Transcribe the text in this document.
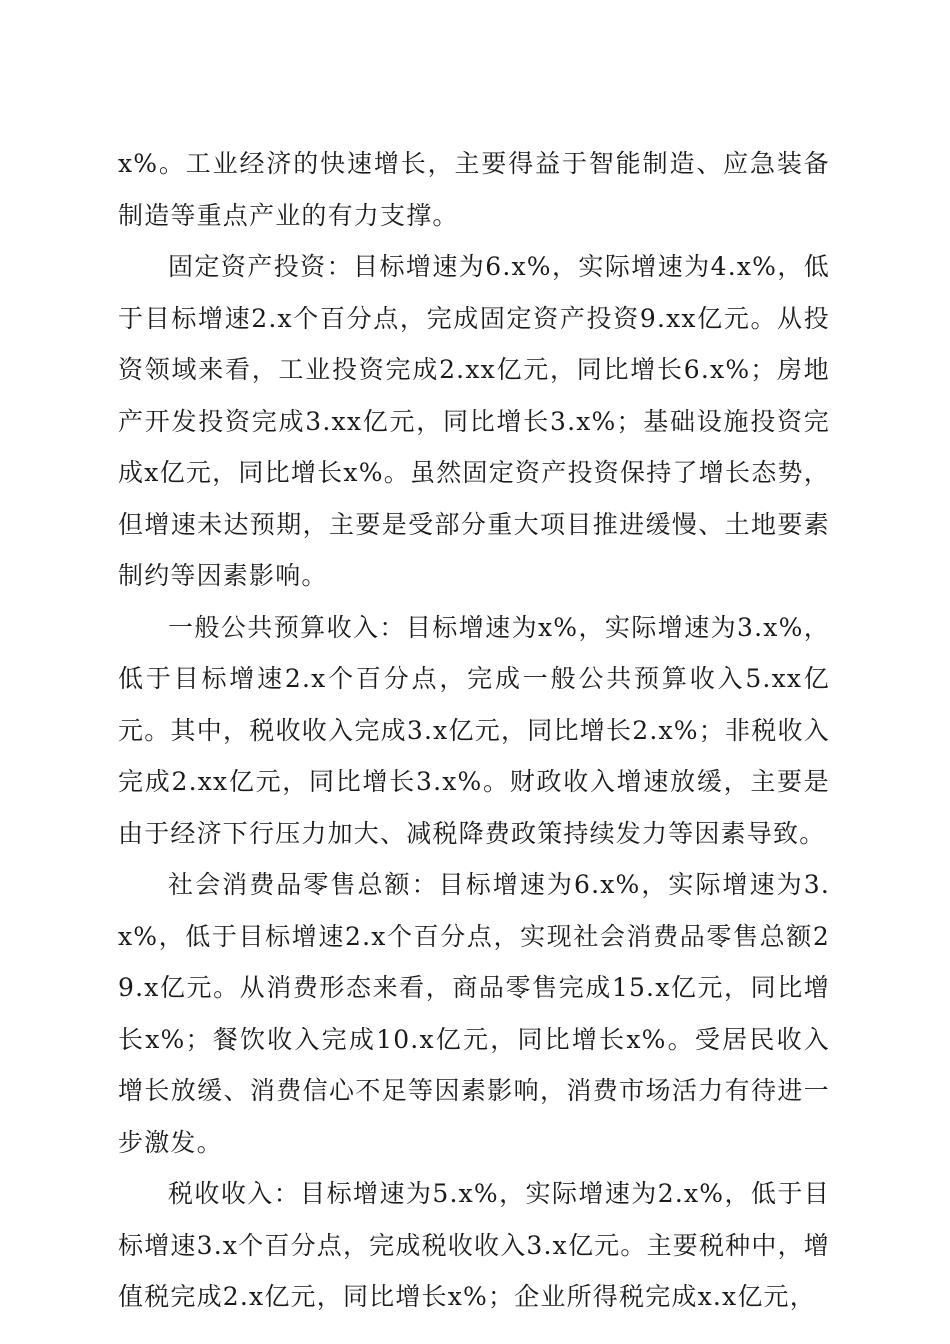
x%。工业经济的快速增长，主要得益于智能制造、应急装备制造等重点产业的有力支撑。

固定资产投资：目标增速为6.x%，实际增速为4.x%，低于目标增速2.x个百分点，完成固定资产投资9.xx亿元。从投资领域来看，工业投资完成2.xx亿元，同比增长6.x%；房地产开发投资完成3.xx亿元，同比增长3.x%；基础设施投资完成x亿元，同比增长x%。虽然固定资产投资保持了增长态势，但增速未达预期，主要是受部分重大项目推进缓慢、土地要素制约等因素影响。

一般公共预算收入：目标增速为x%，实际增速为3.x%，低于目标增速2.x个百分点，完成一般公共预算收入5.xx亿元。其中，税收收入完成3.x亿元，同比增长2.x%；非税收入完成2.xx亿元，同比增长3.x%。财政收入增速放缓，主要是由于经济下行压力加大、减税降费政策持续发力等因素导致。

社会消费品零售总额：目标增速为6.x%，实际增速为3.x%，低于目标增速2.x个百分点，实现社会消费品零售总额29.x亿元。从消费形态来看，商品零售完成15.x亿元，同比增长x%；餐饮收入完成10.x亿元，同比增长x%。受居民收入增长放缓、消费信心不足等因素影响，消费市场活力有待进一步激发。

税收收入：目标增速为5.x%，实际增速为2.x%，低于目标增速3.x个百分点，完成税收收入3.x亿元。主要税种中，增值税完成2.x亿元，同比增长x%；企业所得税完成x.x亿元，
